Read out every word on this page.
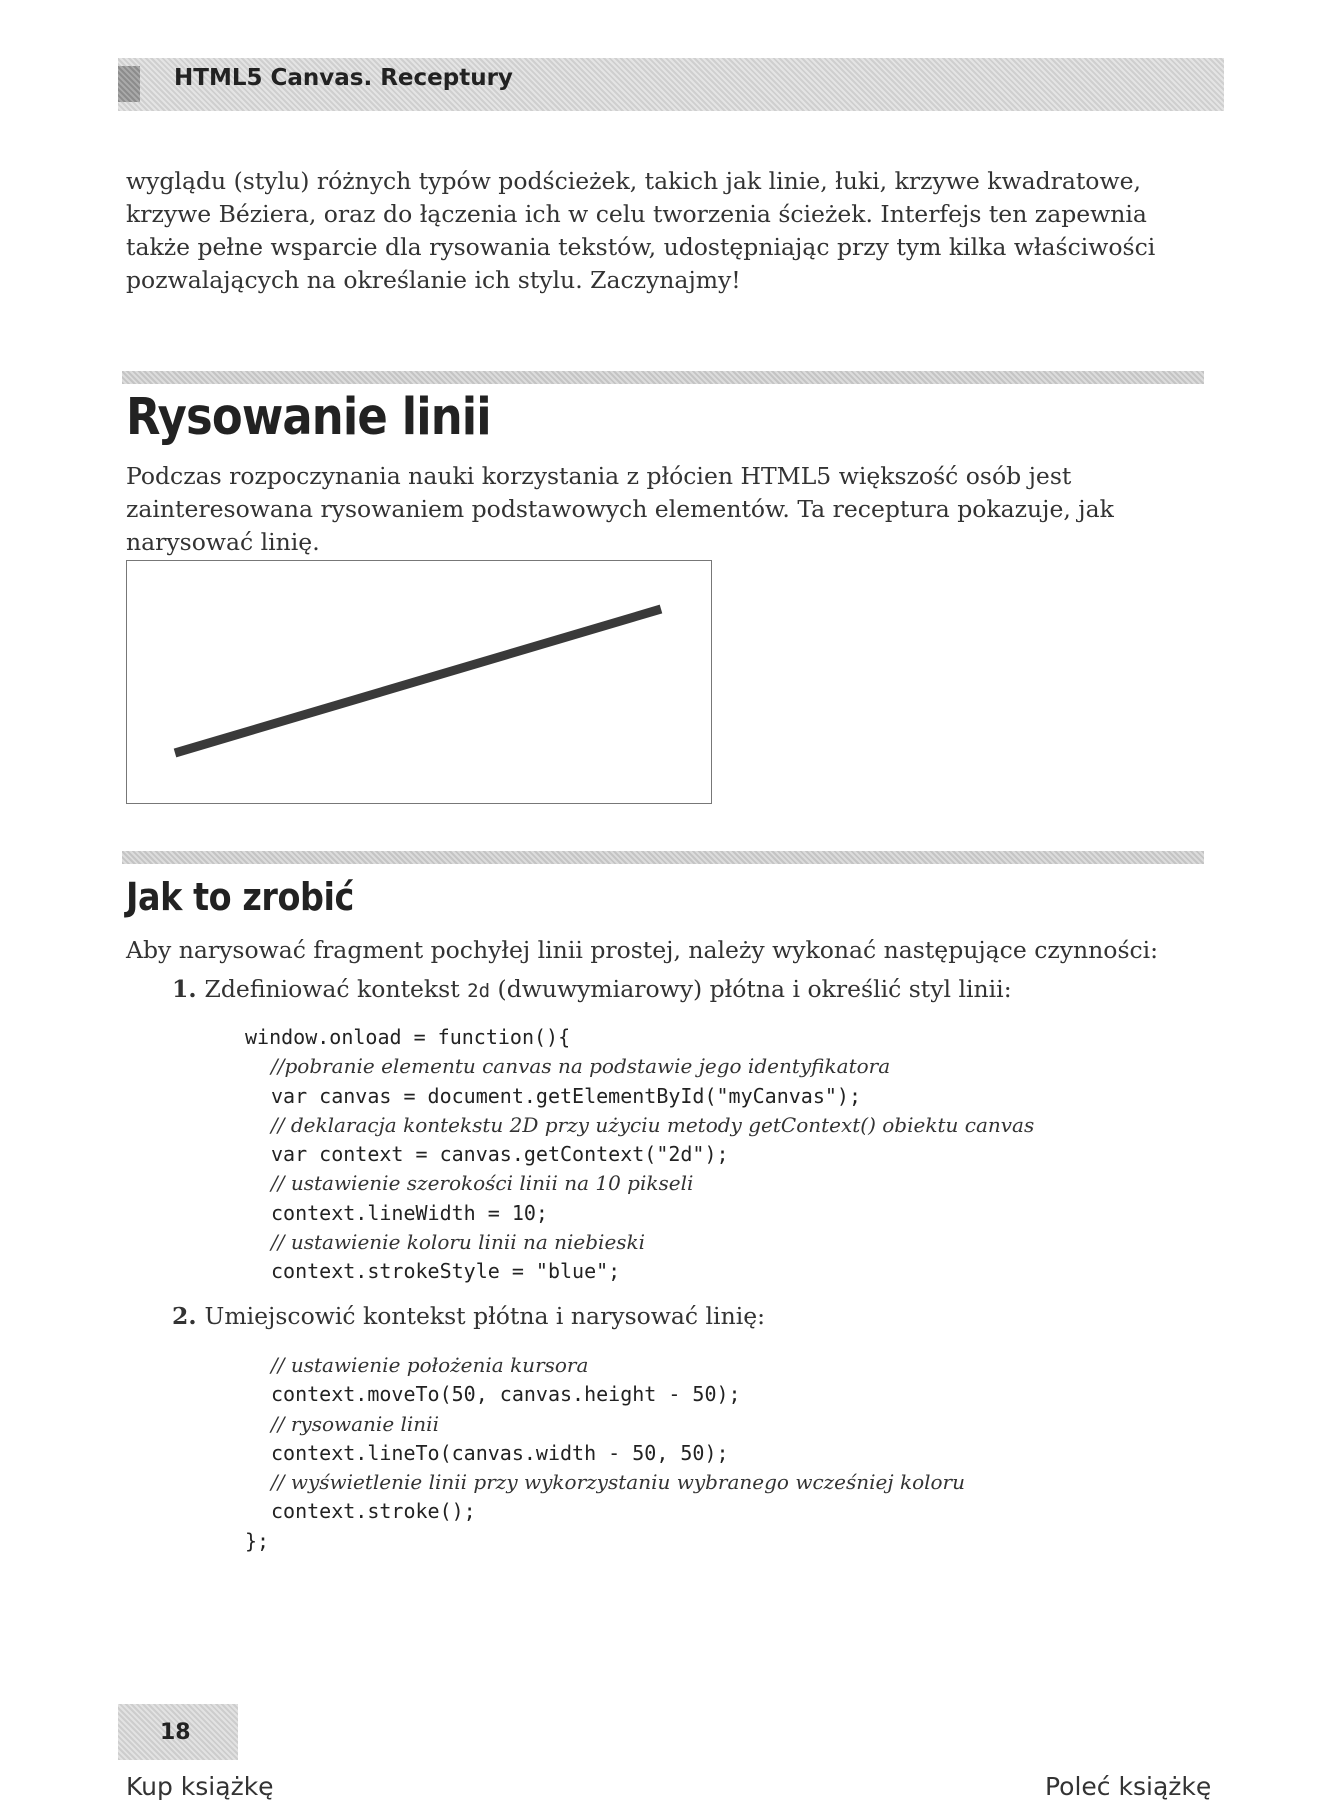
HTML5 Canvas. Receptury

wyglądu (stylu) różnych typów podścieżek, takich jak linie, łuki, krzywe kwadratowe, krzywe Béziera, oraz do łączenia ich w celu tworzenia ścieżek. Interfejs ten zapewnia także pełne wsparcie dla rysowania tekstów, udostępniając przy tym kilka właściwości pozwalających na określanie ich stylu. Zaczynajmy!

Rysowanie linii

Podczas rozpoczynania nauki korzystania z płócien HTML5 większość osób jest zainteresowana rysowaniem podstawowych elementów. Ta receptura pokazuje, jak narysować linię.

Jak to zrobić

Aby narysować fragment pochyłej linii prostej, należy wykonać następujące czynności:

1. Zdefiniować kontekst 2d (dwuwymiarowy) płótna i określić styl linii:

window.onload = function(){
//pobranie elementu canvas na podstawie jego identyfikatora
var canvas = document.getElementById("myCanvas");
// deklaracja kontekstu 2D przy użyciu metody getContext() obiektu canvas
var context = canvas.getContext("2d");
// ustawienie szerokości linii na 10 pikseli
context.lineWidth = 10;
// ustawienie koloru linii na niebieski
context.strokeStyle = "blue";

2. Umiejscowić kontekst płótna i narysować linię:

// ustawienie położenia kursora
context.moveTo(50, canvas.height - 50);
// rysowanie linii
context.lineTo(canvas.width - 50, 50);
// wyświetlenie linii przy wykorzystaniu wybranego wcześniej koloru
context.stroke();
};
18
Kup książkę	Poleć książkę
